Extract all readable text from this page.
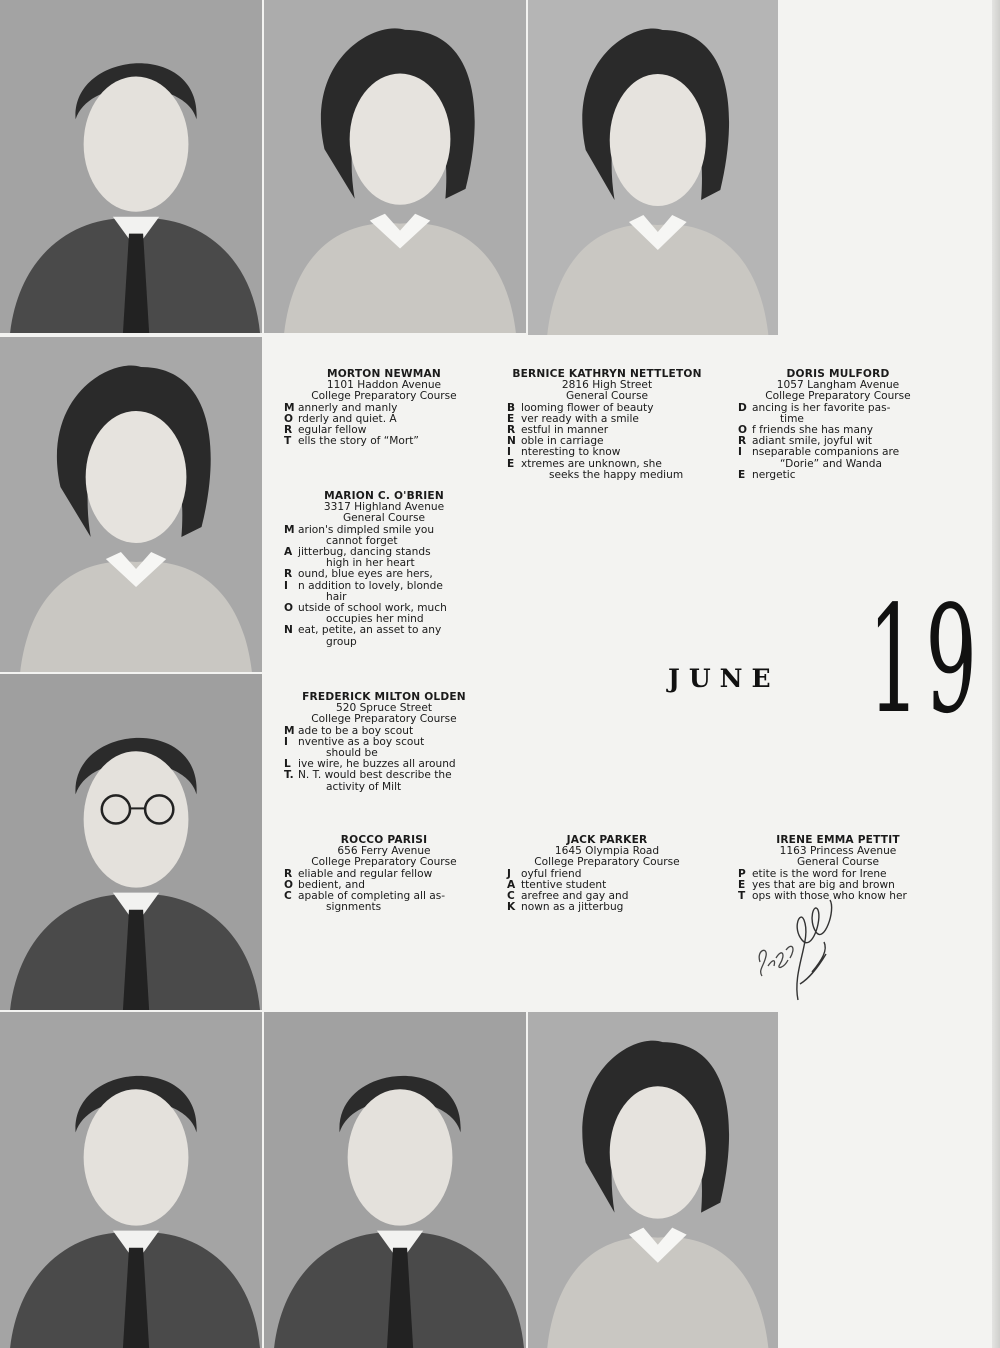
MORTON NEWMAN
1101 Haddon Avenue
College Preparatory Course
M annerly and manly
O rderly and quiet. A
R egular fellow
T ells the story of “Mort”
BERNICE KATHRYN NETTLETON
2816 High Street
General Course
B looming flower of beauty
E ver ready with a smile
R estful in manner
N oble in carriage
I nteresting to know
E xtremes are unknown, she
seeks the happy medium
DORIS MULFORD
1057 Langham Avenue
College Preparatory Course
D ancing is her favorite pas-
time
O f friends she has many
R adiant smile, joyful wit
I nseparable companions are
“Dorie” and Wanda
E nergetic
MARION C. O'BRIEN
3317 Highland Avenue
General Course
M arion's dimpled smile you
cannot forget
A jitterbug, dancing stands
high in her heart
R ound, blue eyes are hers,
I n addition to lovely, blonde
hair
O utside of school work, much
occupies her mind
N eat, petite, an asset to any
group
FREDERICK MILTON OLDEN
520 Spruce Street
College Preparatory Course
M ade to be a boy scout
I nventive as a boy scout
should be
L ive wire, he buzzes all around
T. N. T. would best describe the
activity of Milt
ROCCO PARISI
656 Ferry Avenue
College Preparatory Course
R eliable and regular fellow
O bedient, and
C apable of completing all as-
signments
JACK PARKER
1645 Olympia Road
College Preparatory Course
J oyful friend
A ttentive student
C arefree and gay and
K nown as a jitterbug
IRENE EMMA PETTIT
1163 Princess Avenue
General Course
P etite is the word for Irene
E yes that are big and brown
T ops with those who know her
JUNE 19
